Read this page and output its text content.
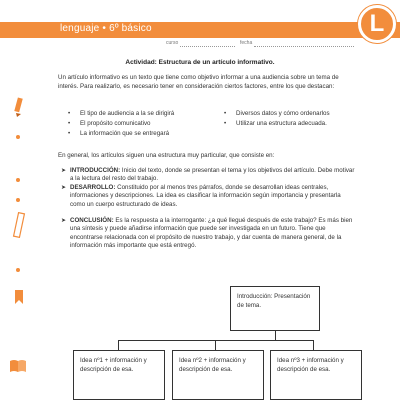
lenguaje • 6º básico
nombre
curso	fecha
L
Actividad: Estructura de un artículo informativo.
Un artículo informativo es un texto que tiene como objetivo informar a una audiencia sobre un tema de interés. Para realizarlo, es necesario tener en consideración ciertos factores, entre los que destacan:
• El tipo de audiencia a la se dirigirá
• El propósito comunicativo
• La información que se entregará
• Diversos datos y cómo ordenarlos
• Utilizar una estructura adecuada.
En general, los artículos siguen una estructura muy particular, que consiste en:
➤ INTRODUCCIÓN: Inicio del texto, donde se presentan el tema y los objetivos del artículo. Debe motivar a la lectura del resto del trabajo.
➤ DESARROLLO: Constituido por al menos tres párrafos, donde se desarrollan ideas centrales, informaciones y descripciones. La idea es clasificar la información según importancia y presentarla como un cuerpo estructurado de ideas.
➤ CONCLUSIÓN: Es la respuesta a la interrogante: ¿a qué llegué después de este trabajo? Es más bien una síntesis y puede añadirse información que puede ser investigada en un futuro. Tiene que encontrarse relacionada con el propósito de nuestro trabajo, y dar cuenta de manera general, de la información más importante que está entregó.
Introducción: Presentación de tema.
Idea nº1 + información y descripción de esa.
Idea nº2 + información y descripción de esa.
Idea nº3 + información y descripción de esa.
